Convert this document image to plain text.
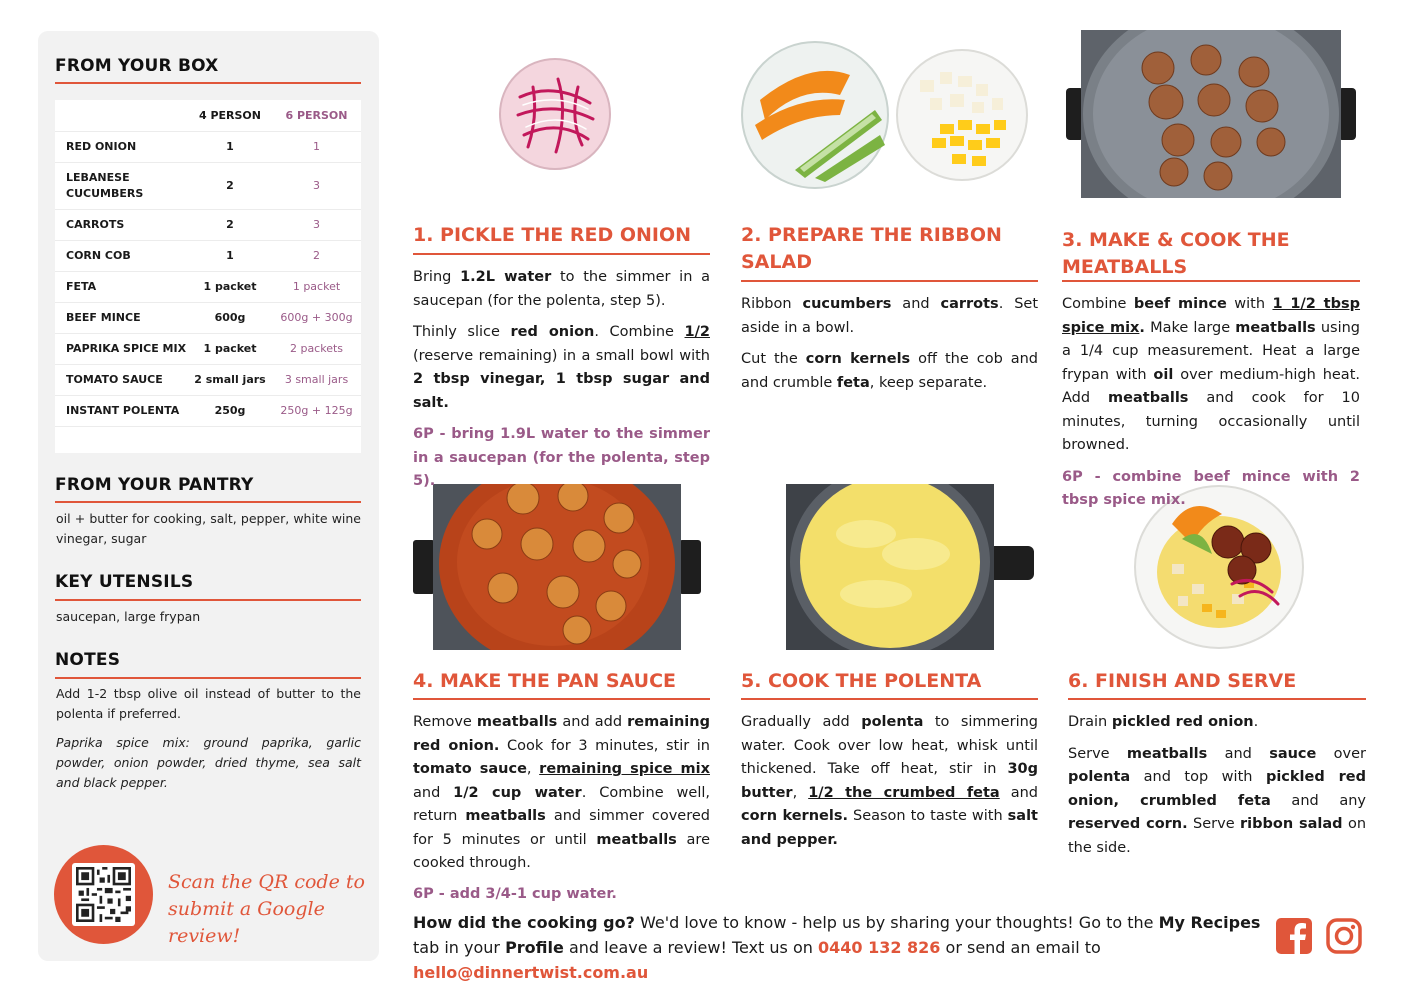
FROM YOUR BOX
	4 PERSON	6 PERSON
RED ONION	1	1
LEBANESE CUCUMBERS	2	3
CARROTS	2	3
CORN COB	1	2
FETA	1 packet	1 packet
BEEF MINCE	600g	600g + 300g
PAPRIKA SPICE MIX	1 packet	2 packets
TOMATO SAUCE	2 small jars	3 small jars
INSTANT POLENTA	250g	250g + 125g

FROM YOUR PANTRY
oil + butter for cooking, salt, pepper, white wine vinegar, sugar
KEY UTENSILS
saucepan, large frypan
NOTES
Add 1-2 tbsp olive oil instead of butter to the polenta if preferred.
Paprika spice mix: ground paprika, garlic powder, onion powder, dried thyme, sea salt and black pepper.
Scan the QR code to submit a Google review!
1. PICKLE THE RED ONION

Bring 1.2L water to the simmer in a saucepan (for the polenta, step 5).

Thinly slice red onion. Combine 1/2 (reserve remaining) in a small bowl with 2 tbsp vinegar, 1 tbsp sugar and salt.

6P - bring 1.9L water to the simmer in a saucepan (for the polenta, step 5).

2. PREPARE THE RIBBON SALAD

Ribbon cucumbers and carrots. Set aside in a bowl.

Cut the corn kernels off the cob and and crumble feta, keep separate.

3. MAKE & COOK THE MEATBALLS

Combine beef mince with 1 1/2 tbsp spice mix. Make large meatballs using a 1/4 cup measurement. Heat a large frypan with oil over medium-high heat. Add meatballs and cook for 10 minutes, turning occasionally until browned.

6P - combine beef mince with 2 tbsp spice mix.

4. MAKE THE PAN SAUCE

Remove meatballs and add remaining red onion. Cook for 3 minutes, stir in tomato sauce, remaining spice mix and 1/2 cup water. Combine well, return meatballs and simmer covered for 5 minutes or until meatballs are cooked through.

6P - add 3/4-1 cup water.
5. COOK THE POLENTA

Gradually add polenta to simmering water. Cook over low heat, whisk until thickened. Take off heat, stir in 30g butter, 1/2 the crumbed feta and corn kernels. Season to taste with salt and pepper.

6. FINISH AND SERVE

Drain pickled red onion.

Serve meatballs and sauce over polenta and top with pickled red onion, crumbled feta and any reserved corn. Serve ribbon salad on the side.

How did the cooking go? We'd love to know - help us by sharing your thoughts! Go to the My Recipes tab in your Profile and leave a review! Text us on 0440 132 826 or send an email to hello@dinnertwist.com.au
